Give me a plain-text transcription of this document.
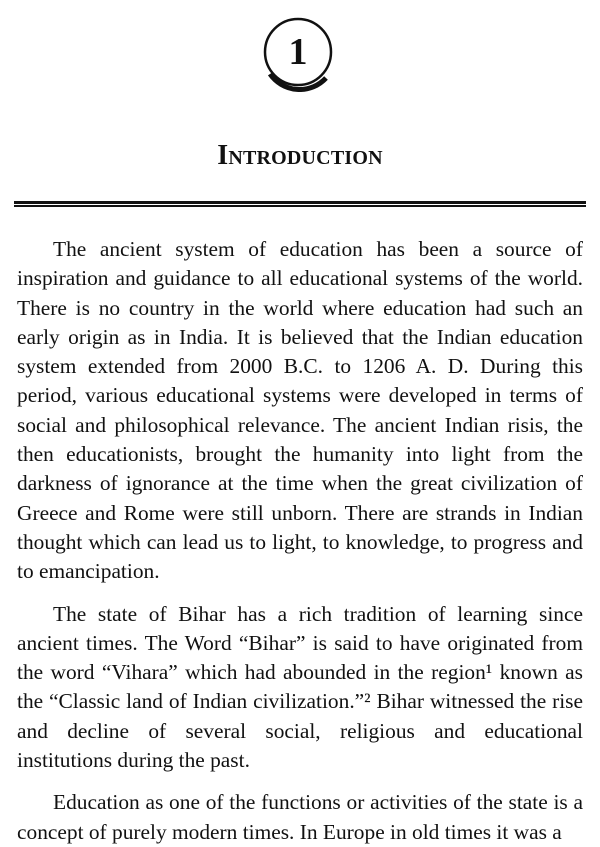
1
Introduction

The ancient system of education has been a source of inspiration and guidance to all educational systems of the world. There is no country in the world where education had such an early origin as in India. It is believed that the Indian education system extended from 2000 B.C. to 1206 A. D. During this period, various educational systems were developed in terms of social and philosophical relevance. The ancient Indian risis, the then educationists, brought the humanity into light from the darkness of ignorance at the time when the great civilization of Greece and Rome were still unborn. There are strands in Indian thought which can lead us to light, to knowledge, to progress and to emancipation.

The state of Bihar has a rich tradition of learning since ancient times. The Word “Bihar” is said to have originated from the word “Vihara” which had abounded in the region¹ known as the “Classic land of Indian civilization.”² Bihar witnessed the rise and decline of several social, religious and educational institutions during the past.

Education as one of the functions or activities of the state is a concept of purely modern times. In Europe in old times it was a
